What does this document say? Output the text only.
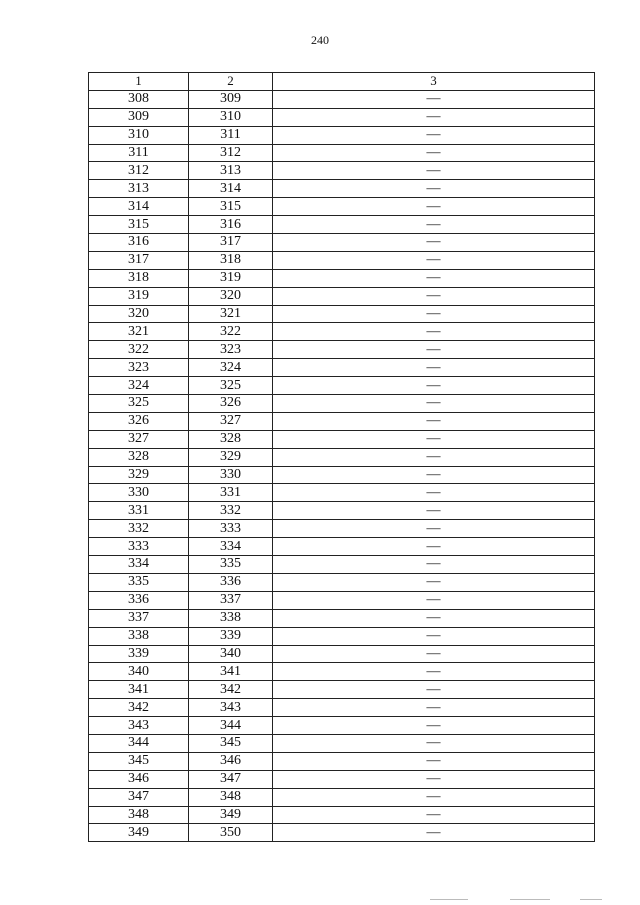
240
1	2	3
308	309	—
309	310	—
310	311	—
311	312	—
312	313	—
313	314	—
314	315	—
315	316	—
316	317	—
317	318	—
318	319	—
319	320	—
320	321	—
321	322	—
322	323	—
323	324	—
324	325	—
325	326	—
326	327	—
327	328	—
328	329	—
329	330	—
330	331	—
331	332	—
332	333	—
333	334	—
334	335	—
335	336	—
336	337	—
337	338	—
338	339	—
339	340	—
340	341	—
341	342	—
342	343	—
343	344	—
344	345	—
345	346	—
346	347	—
347	348	—
348	349	—
349	350	—
